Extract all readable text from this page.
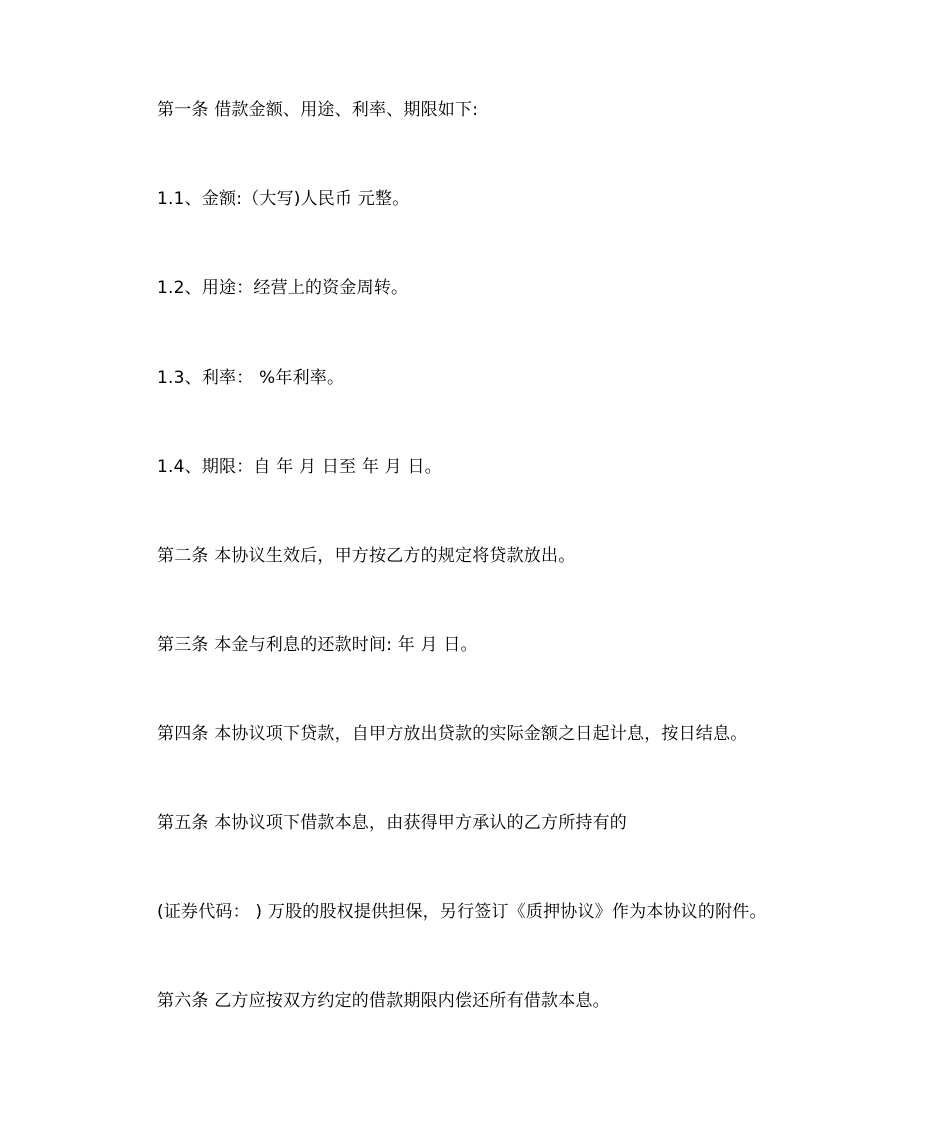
第一条 借款金额、用途、利率、期限如下:
1.1、金额:（大写)人民币 元整。
1.2、用途：经营上的资金周转。
1.3、利率： %年利率。
1.4、期限：自 年 月 日至 年 月 日。
第二条 本协议生效后，甲方按乙方的规定将贷款放出。
第三条 本金与利息的还款时间: 年 月 日。
第四条 本协议项下贷款，自甲方放出贷款的实际金额之日起计息，按日结息。
第五条 本协议项下借款本息，由获得甲方承认的乙方所持有的
(证券代码： ) 万股的股权提供担保，另行签订《质押协议》作为本协议的附件。
第六条 乙方应按双方约定的借款期限内偿还所有借款本息。
